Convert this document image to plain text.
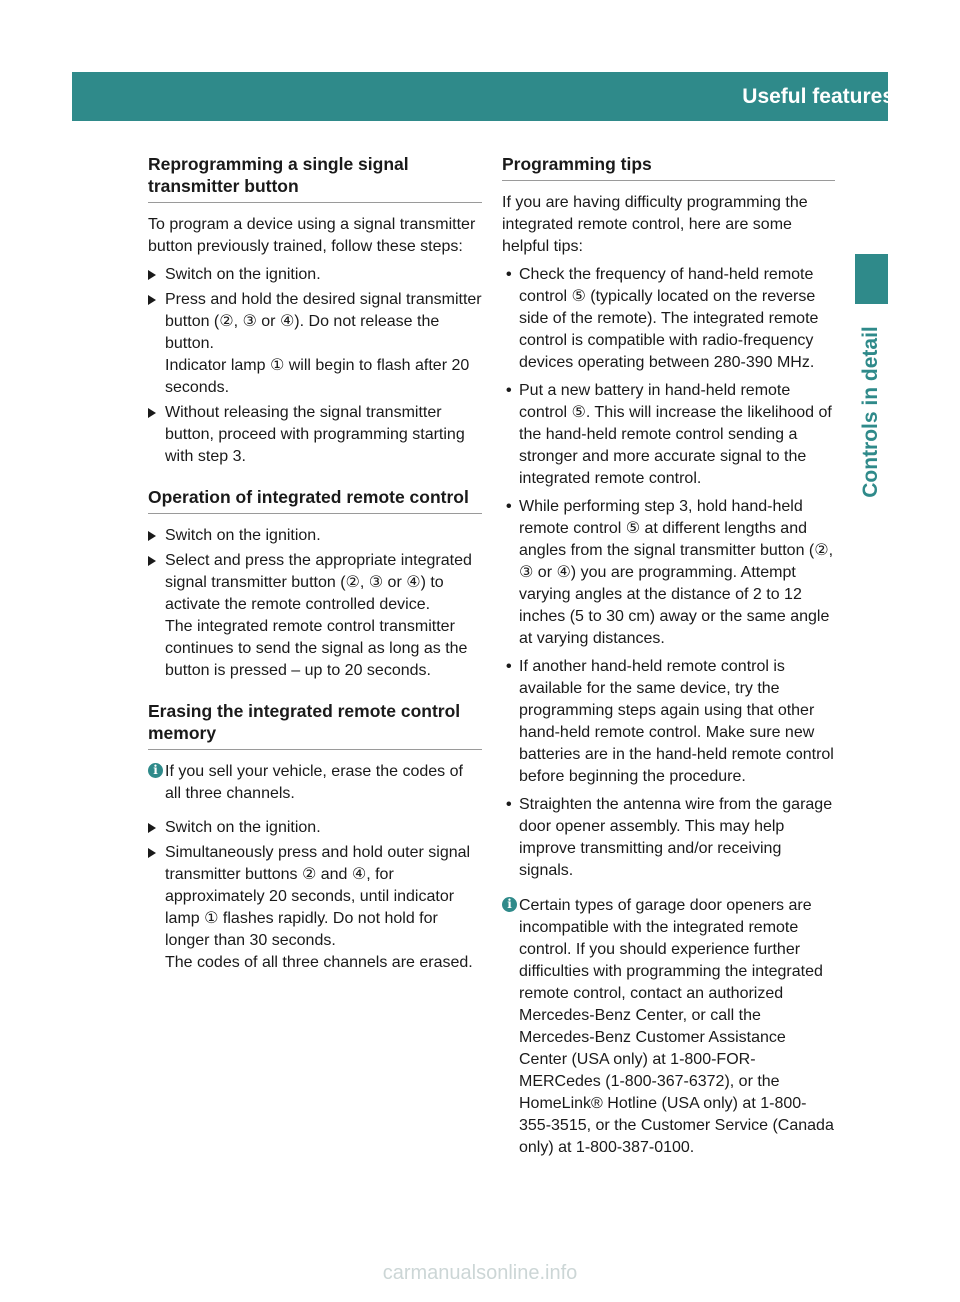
Useful features	215
Controls in detail
Reprogramming a single signal transmitter button

To program a device using a signal transmitter button previously trained, follow these steps:

Switch on the ignition.
Press and hold the desired signal transmitter button (②, ③ or ④). Do not release the button.
Indicator lamp ① will begin to flash after 20 seconds.
Without releasing the signal transmitter button, proceed with programming starting with step 3.
Operation of integrated remote control
Switch on the ignition.
Select and press the appropriate integrated signal transmitter button (②, ③ or ④) to activate the remote controlled device.
The integrated remote control transmitter continues to send the signal as long as the button is pressed – up to 20 seconds.
Erasing the integrated remote control memory
i If you sell your vehicle, erase the codes of all three channels.
Switch on the ignition.
Simultaneously press and hold outer signal transmitter buttons ② and ④, for approximately 20 seconds, until indicator lamp ① flashes rapidly. Do not hold for longer than 30 seconds.
The codes of all three channels are erased.
Programming tips

If you are having difficulty programming the integrated remote control, here are some helpful tips:

• Check the frequency of hand-held remote control ⑤ (typically located on the reverse side of the remote). The integrated remote control is compatible with radio-frequency devices operating between 280-390 MHz.
• Put a new battery in hand-held remote control ⑤. This will increase the likelihood of the hand-held remote control sending a stronger and more accurate signal to the integrated remote control.
• While performing step 3, hold hand-held remote control ⑤ at different lengths and angles from the signal transmitter button (②, ③ or ④) you are programming. Attempt varying angles at the distance of 2 to 12 inches (5 to 30 cm) away or the same angle at varying distances.
• If another hand-held remote control is available for the same device, try the programming steps again using that other hand-held remote control. Make sure new batteries are in the hand-held remote control before beginning the procedure.
• Straighten the antenna wire from the garage door opener assembly. This may help improve transmitting and/or receiving signals.
i Certain types of garage door openers are incompatible with the integrated remote control. If you should experience further difficulties with programming the integrated remote control, contact an authorized Mercedes-Benz Center, or call the Mercedes-Benz Customer Assistance Center (USA only) at 1-800-FOR-MERCedes (1-800-367-6372), or the HomeLink® Hotline (USA only) at 1-800-355-3515, or the Customer Service (Canada only) at 1-800-387-0100.
carmanualsonline.info
